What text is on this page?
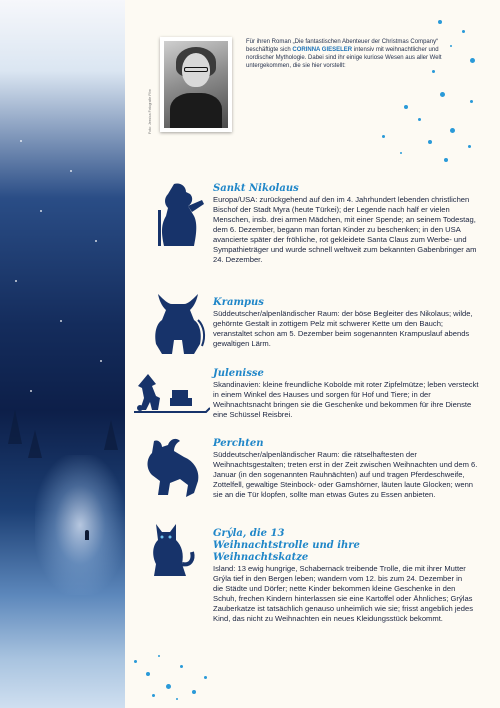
Foto: Jessica Fotografie Film

Für ihren Roman „Die fantastischen Abenteuer der Christmas Company“ beschäftigte sich CORINNA GIESELER intensiv mit weihnachtlicher und nordischer Mythologie. Dabei sind ihr einige kuriose Wesen aus aller Welt untergekommen, die sie hier vorstellt:

Sankt Nikolaus
Europa/USA: zurückgehend auf den im 4. Jahrhundert lebenden christlichen Bischof der Stadt Myra (heute Türkei); der Legende nach half er vielen Menschen, insb. drei armen Mädchen, mit einer Spende; an seinem Todestag, dem 6. Dezember, begann man fortan Kinder zu beschenken; in den USA avancierte später der fröhliche, rot gekleidete Santa Claus zum Werbe- und Sympathieträger und wurde schnell weltweit zum bekannten Gabenbringer am 24. Dezember.
Krampus
Süddeutscher/alpenländischer Raum: der böse Begleiter des Nikolaus; wilde, gehörnte Gestalt in zottigem Pelz mit schwerer Kette um den Bauch; veranstaltet schon am 5. Dezember beim sogenannten Krampuslauf abends gewaltigen Lärm.
Julenisse
Skandinavien: kleine freundliche Kobolde mit roter Zipfelmütze; leben versteckt in einem Winkel des Hauses und sorgen für Hof und Tiere; in der Weihnachtsnacht bringen sie die Geschenke und bekommen für ihre Dienste eine Schüssel Reisbrei.
Perchten
Süddeutscher/alpenländischer Raum: die rätselhaftesten der Weihnachtsgestalten; treten erst in der Zeit zwischen Weihnachten und dem 6. Januar (in den sogenannten Rauhnächten) auf und tragen Pferdeschweife, Zottelfell, gewaltige Steinbock- oder Gamshörner, läuten laute Glocken; wenn sie an die Tür klopfen, sollte man etwas Gutes zu Essen anbieten.
Grýla, die 13 Weihnachtstrolle und ihre Weihnachtskatze
Island: 13 ewig hungrige, Schabernack treibende Trolle, die mit ihrer Mutter Grýla tief in den Bergen leben; wandern vom 12. bis zum 24. Dezember in die Städte und Dörfer; nette Kinder bekommen kleine Geschenke in den Schuh, frechen Kindern hinterlassen sie eine Kartoffel oder Ähnliches; Grýlas Zauberkatze ist tatsächlich genauso unheimlich wie sie; frisst angeblich jedes Kind, das nicht zu Weihnachten ein neues Kleidungsstück bekommt.
